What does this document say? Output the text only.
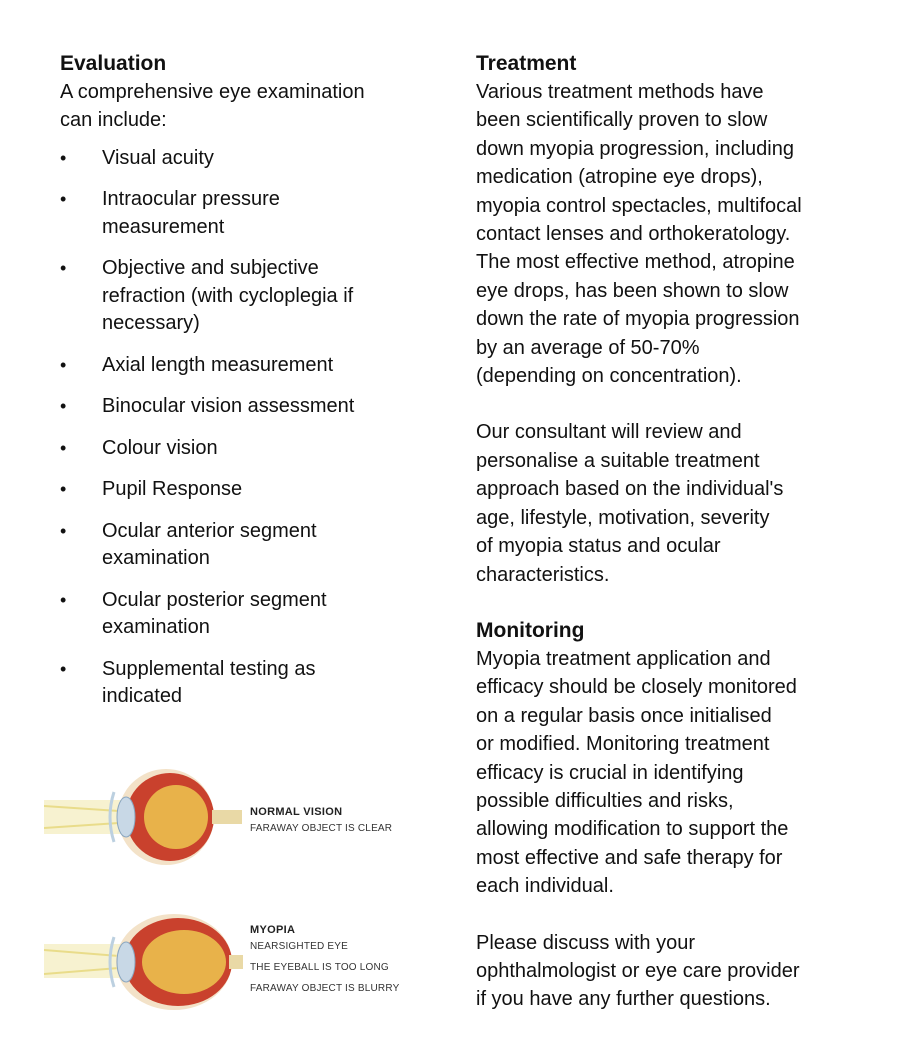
Evaluation

A comprehensive eye examination
can include:

• Visual acuity
• Intraocular pressure
measurement
• Objective and subjective
refraction (with cycloplegia if
necessary)
• Axial length measurement
• Binocular vision assessment
• Colour vision
• Pupil Response
• Ocular anterior segment
examination
• Ocular posterior segment
examination
• Supplemental testing as
indicated
NORMAL VISION
FARAWAY OBJECT IS CLEAR
MYOPIA
NEARSIGHTED EYE
THE EYEBALL IS TOO LONG
FARAWAY OBJECT IS BLURRY
Treatment

Various treatment methods have
been scientifically proven to slow
down myopia progression, including
medication (atropine eye drops),
myopia control spectacles, multifocal
contact lenses and orthokeratology.
The most effective method, atropine
eye drops, has been shown to slow
down the rate of myopia progression
by an average of 50-70%
(depending on concentration).

Our consultant will review and
personalise a suitable treatment
approach based on the individual's
age, lifestyle, motivation, severity
of myopia status and ocular
characteristics.

Monitoring

Myopia treatment application and
efficacy should be closely monitored
on a regular basis once initialised
or modified. Monitoring treatment
efficacy is crucial in identifying
possible difficulties and risks,
allowing modification to support the
most effective and safe therapy for
each individual.

Please discuss with your
ophthalmologist or eye care provider
if you have any further questions.
